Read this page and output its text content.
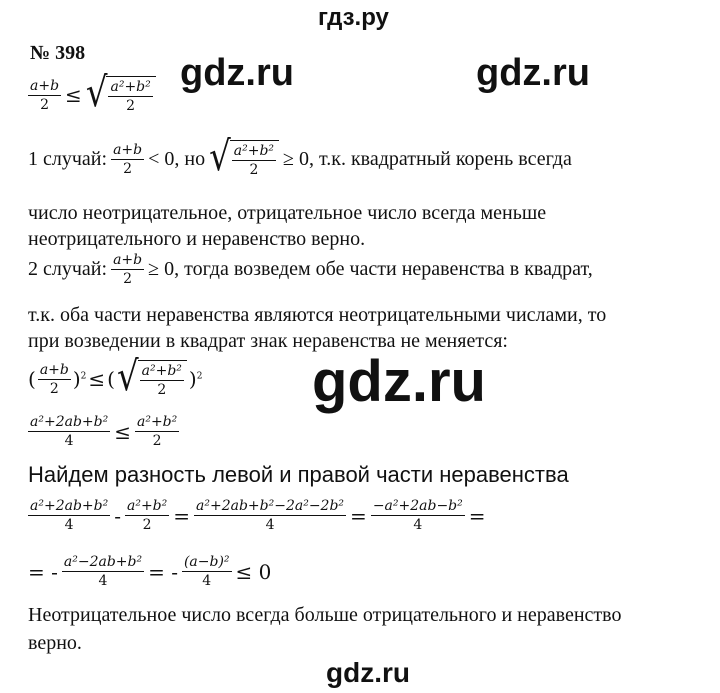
гдз.ру
№ 398 gdz.ru	gdz.ru
gdz.ru
gdz.ru
$\frac{a+b}{2}$ ≤ √ $\frac{\text{a²+b²}}{2}$
1 случай: $\frac{a+b}{2} < 0$, но √ $\frac{\text{a²+b²}}{2} \ge 0$, т.к. квадратный корень всегда
число неотрицательное, отрицательное число всегда меньше
неотрицательного и неравенство верно.
2 случай: $\frac{a+b}{2} \ge 0$, тогда возведем обе части неравенства в квадрат,
т.к. оба части неравенства являются неотрицательными числами, то
при возведении в квадрат знак неравенства не меняется:
( $\frac{a+b}{2} )^2$ ≤ ( √ $\frac{\text{a²+b²}}{2} )^2$
$\frac{\text{a²+2ab+b²}}{4} \le \frac{\text{a²+b²}}{2}$
Найдем разность левой и правой части неравенства
$\frac{\text{a²+2ab+b²}}{4} - \frac{\text{a²+b²}}{2} = \frac{\text{a²+2ab+b²−2a²−2b²}}{4} = \frac{\text{−a²+2ab−b²}}{4}$ =
= - $\frac{\text{a²−2ab+b²}}{4}$ = - $\frac{\text{(a−b)²}}{4} \le 0$
Неотрицательное число всегда больше отрицательного и неравенство
верно.
